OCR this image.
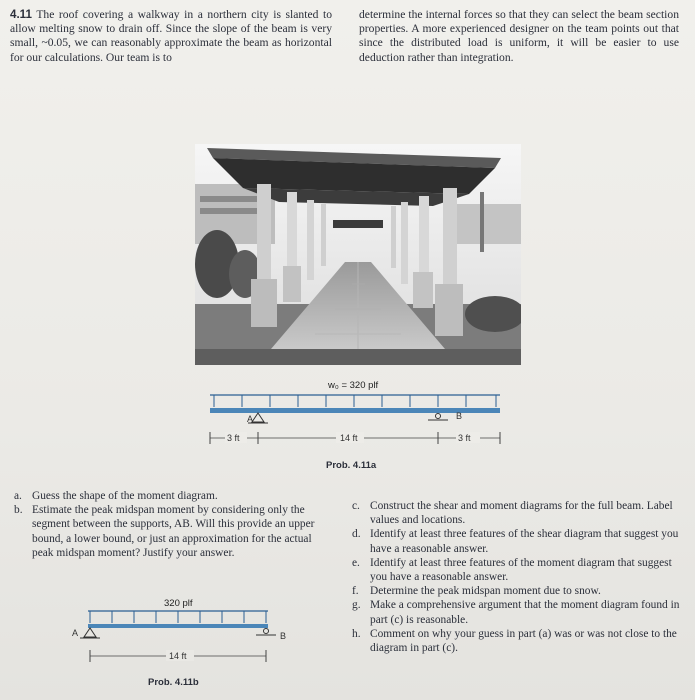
4.11 The roof covering a walkway in a northern city is slanted to allow melting snow to drain off. Since the slope of the beam is very small, ~0.05, we can reasonably approximate the beam as horizontal for our calculations. Our team is to
determine the internal forces so that they can select the beam section properties. A more experienced designer on the team points out that since the distributed load is uniform, it will be easier to use deduction rather than integration.
w₀ = 320 plf
A	B
3 ft	14 ft	3 ft
Prob. 4.11a
320 plf
A	B
14 ft
Prob. 4.11b
a. Guess the shape of the moment diagram.
b. Estimate the peak midspan moment by considering only the segment between the supports, AB. Will this provide an upper bound, a lower bound, or just an approximation for the actual peak midspan moment? Justify your answer.
c. Construct the shear and moment diagrams for the full beam. Label values and locations.
d. Identify at least three features of the shear diagram that suggest you have a reasonable answer.
e. Identify at least three features of the moment diagram that suggest you have a reasonable answer.
f. Determine the peak midspan moment due to snow.
g. Make a comprehensive argument that the moment diagram found in part (c) is reasonable.
h. Comment on why your guess in part (a) was or was not close to the diagram in part (c).
